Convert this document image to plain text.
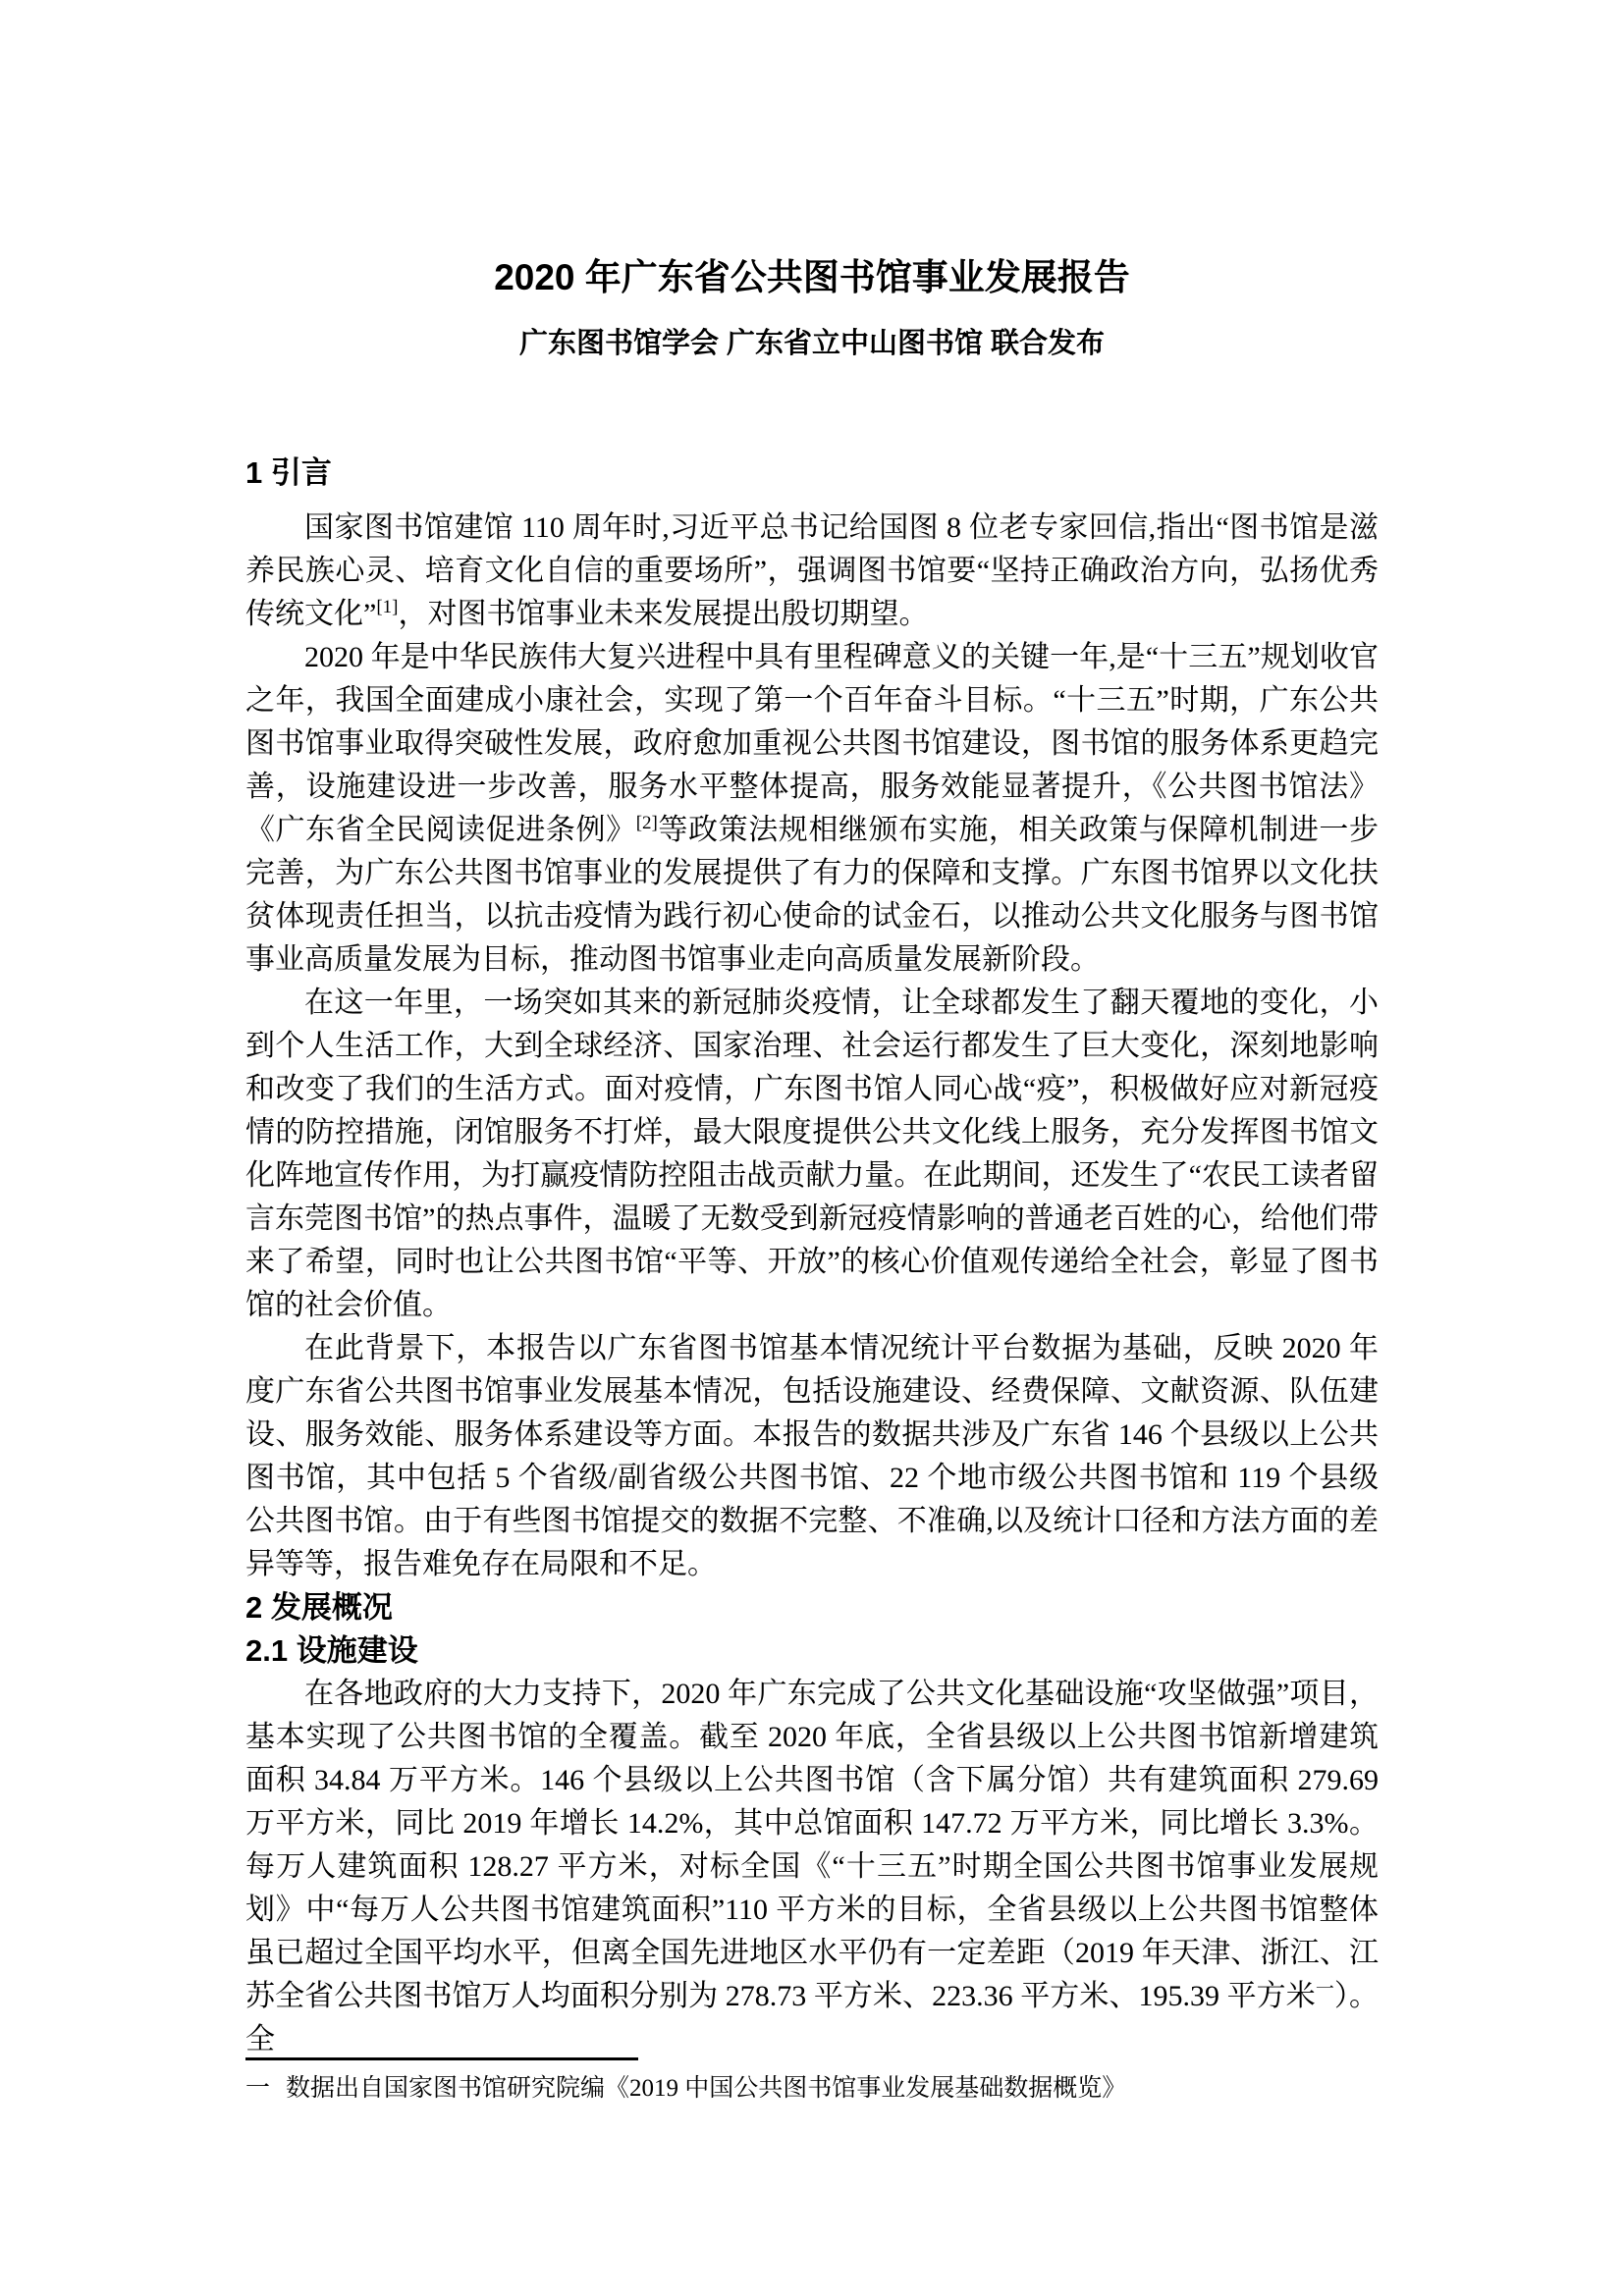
2020 年广东省公共图书馆事业发展报告
广东图书馆学会 广东省立中山图书馆 联合发布
1 引言

国家图书馆建馆 110 周年时,习近平总书记给国图 8 位老专家回信,指出“图书馆是滋养民族心灵、培育文化自信的重要场所”，强调图书馆要“坚持正确政治方向，弘扬优秀传统文化”[1]，对图书馆事业未来发展提出殷切期望。

2020 年是中华民族伟大复兴进程中具有里程碑意义的关键一年,是“十三五”规划收官之年，我国全面建成小康社会，实现了第一个百年奋斗目标。“十三五”时期，广东公共图书馆事业取得突破性发展，政府愈加重视公共图书馆建设，图书馆的服务体系更趋完善，设施建设进一步改善，服务水平整体提高，服务效能显著提升，《公共图书馆法》《广东省全民阅读促进条例》[2]等政策法规相继颁布实施，相关政策与保障机制进一步完善，为广东公共图书馆事业的发展提供了有力的保障和支撑。广东图书馆界以文化扶贫体现责任担当，以抗击疫情为践行初心使命的试金石，以推动公共文化服务与图书馆事业高质量发展为目标，推动图书馆事业走向高质量发展新阶段。

在这一年里，一场突如其来的新冠肺炎疫情，让全球都发生了翻天覆地的变化，小到个人生活工作，大到全球经济、国家治理、社会运行都发生了巨大变化，深刻地影响和改变了我们的生活方式。面对疫情，广东图书馆人同心战“疫”，积极做好应对新冠疫情的防控措施，闭馆服务不打烊，最大限度提供公共文化线上服务，充分发挥图书馆文化阵地宣传作用，为打赢疫情防控阻击战贡献力量。在此期间，还发生了“农民工读者留言东莞图书馆”的热点事件，温暖了无数受到新冠疫情影响的普通老百姓的心，给他们带来了希望，同时也让公共图书馆“平等、开放”的核心价值观传递给全社会，彰显了图书馆的社会价值。

在此背景下，本报告以广东省图书馆基本情况统计平台数据为基础，反映 2020 年度广东省公共图书馆事业发展基本情况，包括设施建设、经费保障、文献资源、队伍建设、服务效能、服务体系建设等方面。本报告的数据共涉及广东省 146 个县级以上公共图书馆，其中包括 5 个省级/副省级公共图书馆、22 个地市级公共图书馆和 119 个县级公共图书馆。由于有些图书馆提交的数据不完整、不准确,以及统计口径和方法方面的差异等等，报告难免存在局限和不足。

2 发展概况
2.1 设施建设

在各地政府的大力支持下，2020 年广东完成了公共文化基础设施“攻坚做强”项目，基本实现了公共图书馆的全覆盖。截至 2020 年底，全省县级以上公共图书馆新增建筑面积 34.84 万平方米。146 个县级以上公共图书馆（含下属分馆）共有建筑面积 279.69 万平方米，同比 2019 年增长 14.2%，其中总馆面积 147.72 万平方米，同比增长 3.3%。每万人建筑面积 128.27 平方米，对标全国《“十三五”时期全国公共图书馆事业发展规划》中“每万人公共图书馆建筑面积”110 平方米的目标，全省县级以上公共图书馆整体虽已超过全国平均水平，但离全国先进地区水平仍有一定差距（2019 年天津、浙江、江苏全省公共图书馆万人均面积分别为 278.73 平方米、223.36 平方米、195.39 平方米$^一$）。全

一 数据出自国家图书馆研究院编《2019 中国公共图书馆事业发展基础数据概览》
